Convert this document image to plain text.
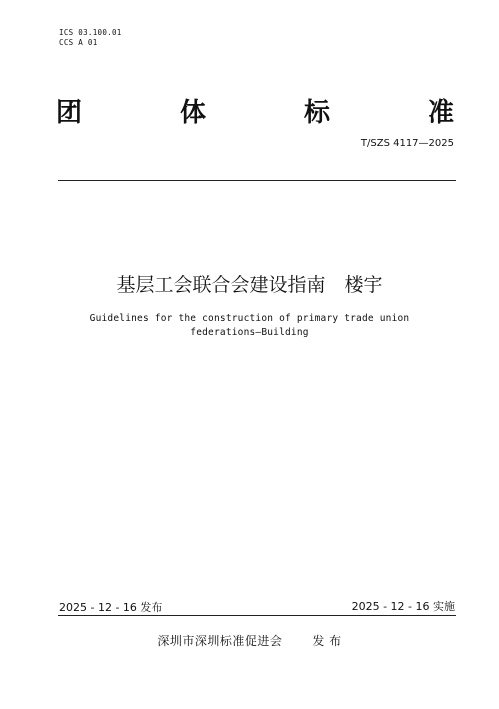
ICS 03.100.01
CCS A 01
团	体	标	准
T/SZS 4117—2025
基层工会联合会建设指南　楼宇
Guidelines for the construction of primary trade union
federations—Building
2025 - 12 - 16 发布	2025 - 12 - 16 实施
深圳市深圳标准促进会	发 布
